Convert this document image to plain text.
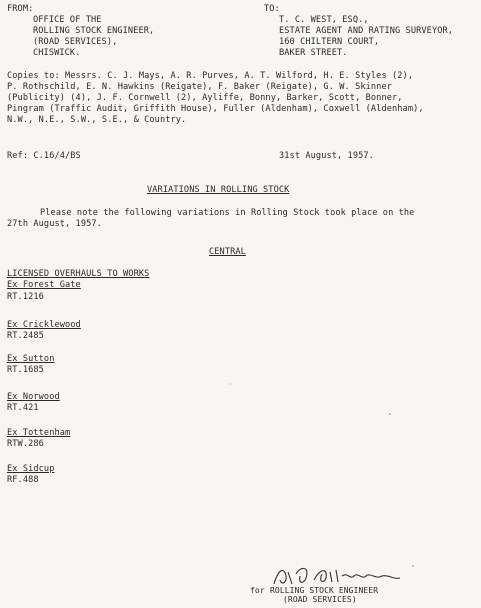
FROM:
OFFICE OF THE
ROLLING STOCK ENGINEER,
(ROAD SERVICES),
CHISWICK.
TO:
T. C. WEST, ESQ.,
ESTATE AGENT AND RATING SURVEYOR,
160 CHILTERN COURT,
BAKER STREET.
Copies to: Messrs. C. J. Mays, A. R. Purves, A. T. Wilford, H. E. Styles (2),
P. Rothschild, E. N. Hawkins (Reigate), F. Baker (Reigate), G. W. Skinner
(Publicity) (4), J. F. Cornwell (2), Ayliffe, Bonny, Barker, Scott, Bonner,
Pingram (Traffic Audit, Griffith House), Fuller (Aldenham), Coxwell (Aldenham),
N.W., N.E., S.W., S.E., & Country.
Ref: C.16/4/BS	31st August, 1957.
VARIATIONS IN ROLLING STOCK
Please note the following variations in Rolling Stock took place on the
27th August, 1957.
CENTRAL
LICENSED OVERHAULS TO WORKS
Ex Forest Gate
RT.1216
Ex Cricklewood
RT.2485
Ex Sutton
RT.1685
Ex Norwood
RT.421
Ex Tottenham
RTW.286
Ex Sidcup
RF.488
for ROLLING STOCK ENGINEER
(ROAD SERVICES)
